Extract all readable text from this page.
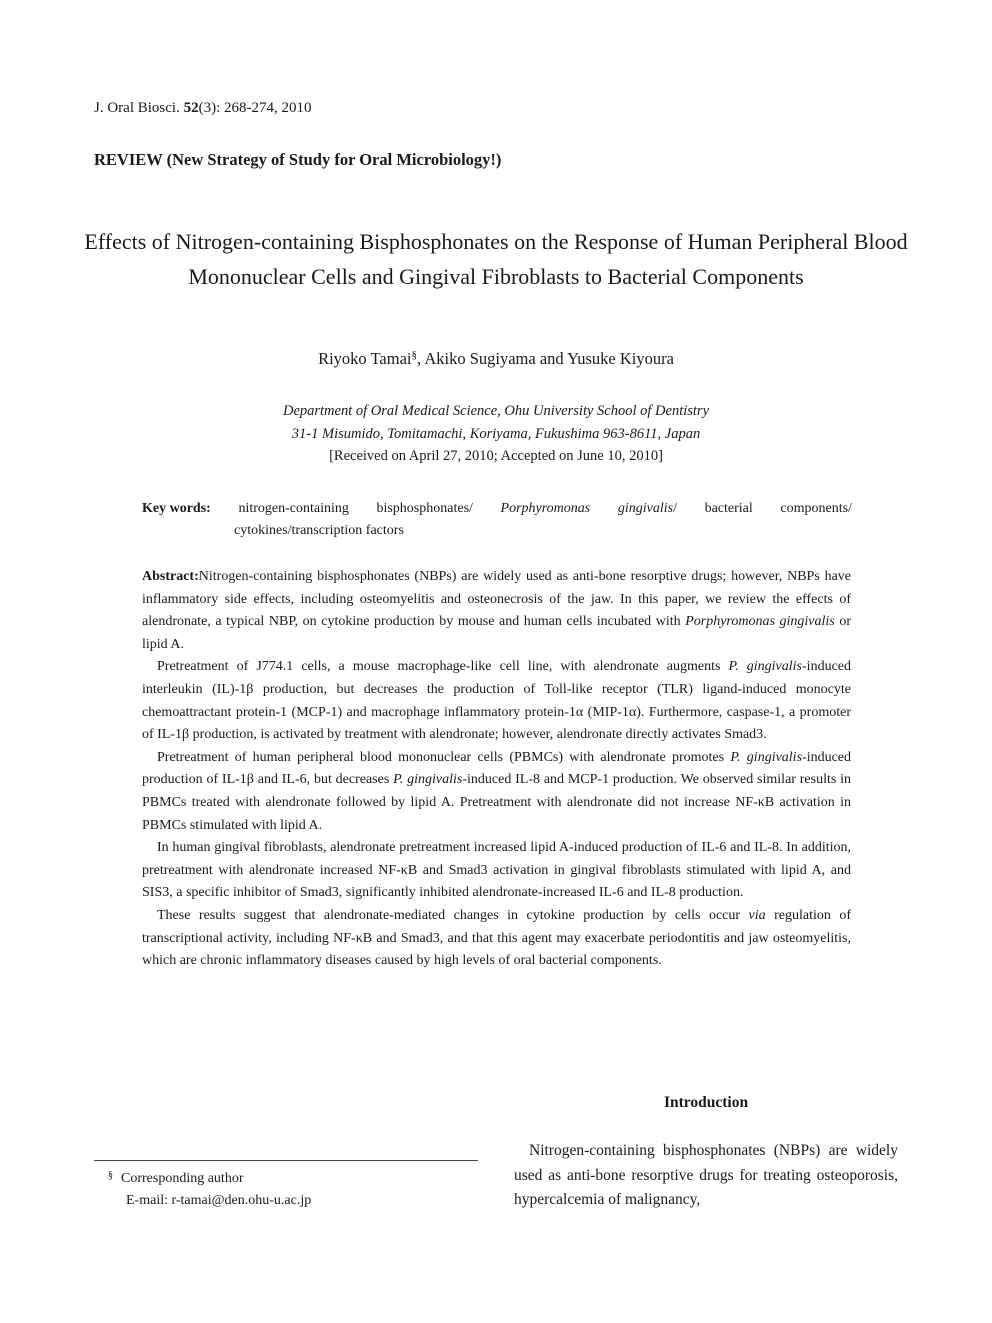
J. Oral Biosci. 52(3): 268-274, 2010
REVIEW (New Strategy of Study for Oral Microbiology!)
Effects of Nitrogen-containing Bisphosphonates on the Response of Human Peripheral Blood Mononuclear Cells and Gingival Fibroblasts to Bacterial Components
Riyoko Tamai§, Akiko Sugiyama and Yusuke Kiyoura
Department of Oral Medical Science, Ohu University School of Dentistry
31-1 Misumido, Tomitamachi, Koriyama, Fukushima 963-8611, Japan
[Received on April 27, 2010; Accepted on June 10, 2010]
Key words: nitrogen-containing bisphosphonates/ Porphyromonas gingivalis/ bacterial components/
cytokines/transcription factors

Abstract:Nitrogen-containing bisphosphonates (NBPs) are widely used as anti-bone resorptive drugs; however, NBPs have inflammatory side effects, including osteomyelitis and osteonecrosis of the jaw. In this paper, we review the effects of alendronate, a typical NBP, on cytokine production by mouse and human cells incubated with Porphyromonas gingivalis or lipid A.

Pretreatment of J774.1 cells, a mouse macrophage-like cell line, with alendronate augments P. gingivalis-induced interleukin (IL)-1β production, but decreases the production of Toll-like receptor (TLR) ligand-induced monocyte chemoattractant protein-1 (MCP-1) and macrophage inflammatory protein-1α (MIP-1α). Furthermore, caspase-1, a promoter of IL-1β production, is activated by treatment with alendronate; however, alendronate directly activates Smad3.

Pretreatment of human peripheral blood mononuclear cells (PBMCs) with alendronate promotes P. gingivalis-induced production of IL-1β and IL-6, but decreases P. gingivalis-induced IL-8 and MCP-1 production. We observed similar results in PBMCs treated with alendronate followed by lipid A. Pretreatment with alendronate did not increase NF-κB activation in PBMCs stimulated with lipid A.

In human gingival fibroblasts, alendronate pretreatment increased lipid A-induced production of IL-6 and IL-8. In addition, pretreatment with alendronate increased NF-κB and Smad3 activation in gingival fibroblasts stimulated with lipid A, and SIS3, a specific inhibitor of Smad3, significantly inhibited alendronate-increased IL-6 and IL-8 production.

These results suggest that alendronate-mediated changes in cytokine production by cells occur via regulation of transcriptional activity, including NF-κB and Smad3, and that this agent may exacerbate periodontitis and jaw osteomyelitis, which are chronic inflammatory diseases caused by high levels of oral bacterial components.

Introduction

Nitrogen-containing bisphosphonates (NBPs) are widely used as anti-bone resorptive drugs for treating osteoporosis, hypercalcemia of malignancy,

§ Corresponding author
E-mail: r-tamai@den.ohu-u.ac.jp
